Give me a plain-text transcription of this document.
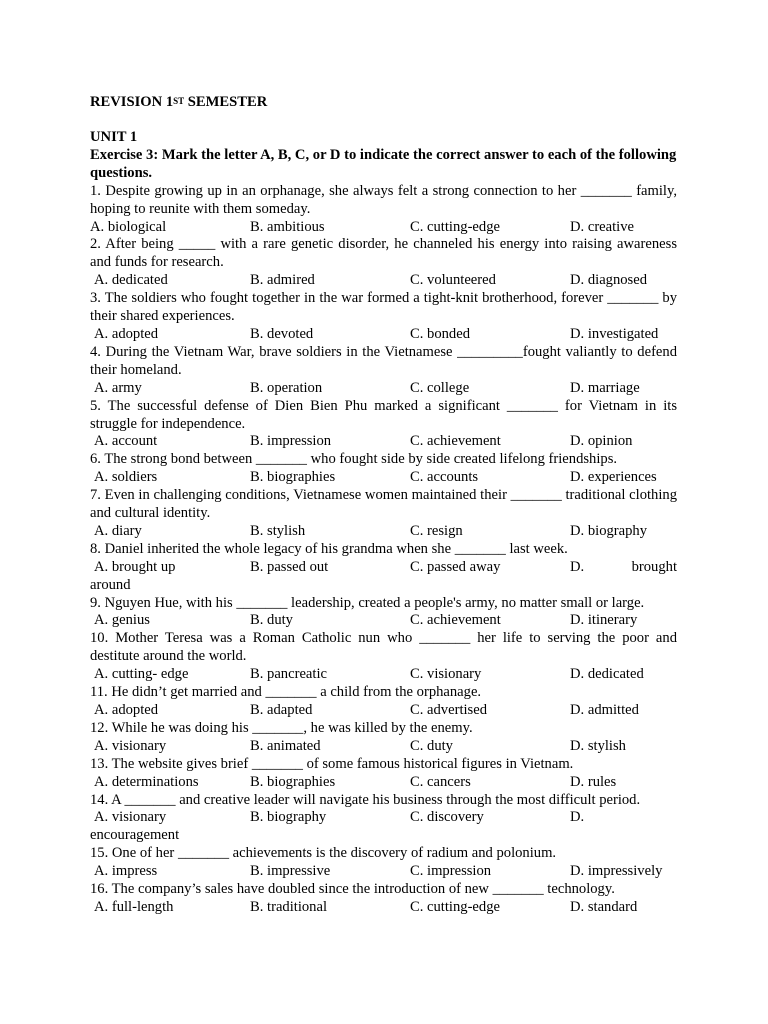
REVISION 1ST SEMESTER
UNIT 1
Exercise 3: Mark the letter A, B, C, or D to indicate the correct answer to each of the following questions.
1. Despite growing up in an orphanage, she always felt a strong connection to her _______ family, hoping to reunite with them someday.
A. biological	B. ambitious	C. cutting-edge	D. creative
2. After being _____ with a rare genetic disorder, he channeled his energy into raising awareness and funds for research.
A. dedicated	B. admired	C. volunteered	D. diagnosed
3. The soldiers who fought together in the war formed a tight-knit brotherhood, forever _______ by their shared experiences.
A. adopted	B. devoted	C. bonded	D. investigated
4. During the Vietnam War, brave soldiers in the Vietnamese _________fought valiantly to defend their homeland.
A. army	B. operation	C. college	D. marriage
5. The successful defense of Dien Bien Phu marked a significant _______ for Vietnam in its struggle for independence.
A. account	B. impression	C. achievement	D. opinion
6. The strong bond between _______ who fought side by side created lifelong friendships.
A. soldiers	B. biographies	C. accounts	D. experiences
7. Even in challenging conditions, Vietnamese women maintained their _______ traditional clothing and cultural identity.
A. diary	B. stylish	C. resign	D. biography
8. Daniel inherited the whole legacy of his grandma when she _______ last week.
A. brought up	B. passed out	C. passed away	D.	brought
around
9. Nguyen Hue, with his _______ leadership, created a people's army, no matter small or large.
A. genius	B. duty	C. achievement	D. itinerary
10. Mother Teresa was a Roman Catholic nun who _______ her life to serving the poor and destitute around the world.
A. cutting- edge	B. pancreatic	C. visionary	D. dedicated
11. He didn’t get married and _______ a child from the orphanage.
A. adopted	B. adapted	C. advertised	D. admitted
12. While he was doing his _______, he was killed by the enemy.
A. visionary	B. animated	C. duty	D. stylish
13. The website gives brief _______ of some famous historical figures in Vietnam.
A. determinations	B. biographies	C. cancers	D. rules
14. A _______ and creative leader will navigate his business through the most difficult period.
A. visionary	B. biography	C. discovery	D.
encouragement
15. One of her _______ achievements is the discovery of radium and polonium.
A. impress	B. impressive	C. impression	D. impressively
16. The company’s sales have doubled since the introduction of new _______ technology.
A. full-length	B. traditional	C. cutting-edge	D. standard
